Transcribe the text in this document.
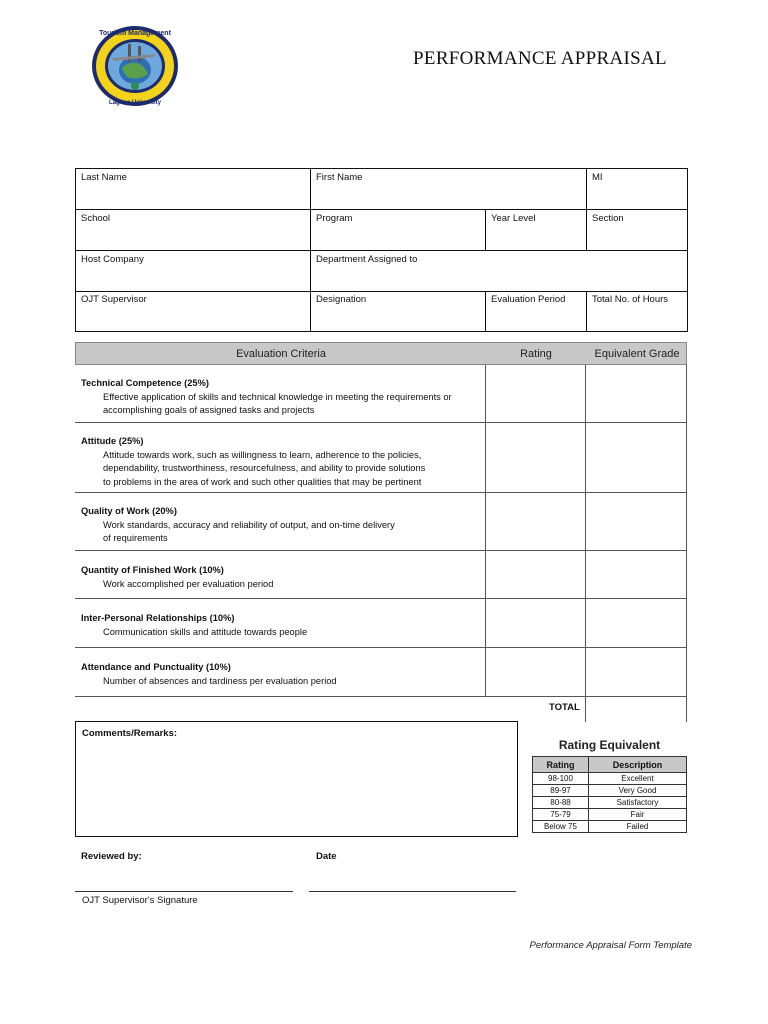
Tourism Management
Laguna University
PERFORMANCE APPRAISAL
Last Name	First Name	MI
School	Program	Year Level	Section
Host Company	Department Assigned to
OJT Supervisor	Designation	Evaluation Period	Total No. of Hours
Evaluation Criteria	Rating	Equivalent Grade
Technical Competence (25%)
Effective application of skills and technical knowledge in meeting the requirements or
accomplishing goals of assigned tasks and projects
Attitude (25%)
Attitude towards work, such as willingness to learn, adherence to the policies,
dependability, trustworthiness, resourcefulness, and ability to provide solutions
to problems in the area of work and such other qualities that may be pertinent
Quality of Work (20%)
Work standards, accuracy and reliability of output, and on-time delivery
of requirements
Quantity of Finished Work (10%)
Work accomplished per evaluation period
Inter-Personal Relationships (10%)
Communication skills and attitude towards people
Attendance and Punctuality (10%)
Number of absences and tardiness per evaluation period
TOTAL
Comments/Remarks:
Rating Equivalent
Rating	Description
98-100	Excellent
89-97	Very Good
80-88	Satisfactory
75-79	Fair
Below 75	Failed
Reviewed by:	Date
OJT Supervisor's Signature
Performance Appraisal Form Template
